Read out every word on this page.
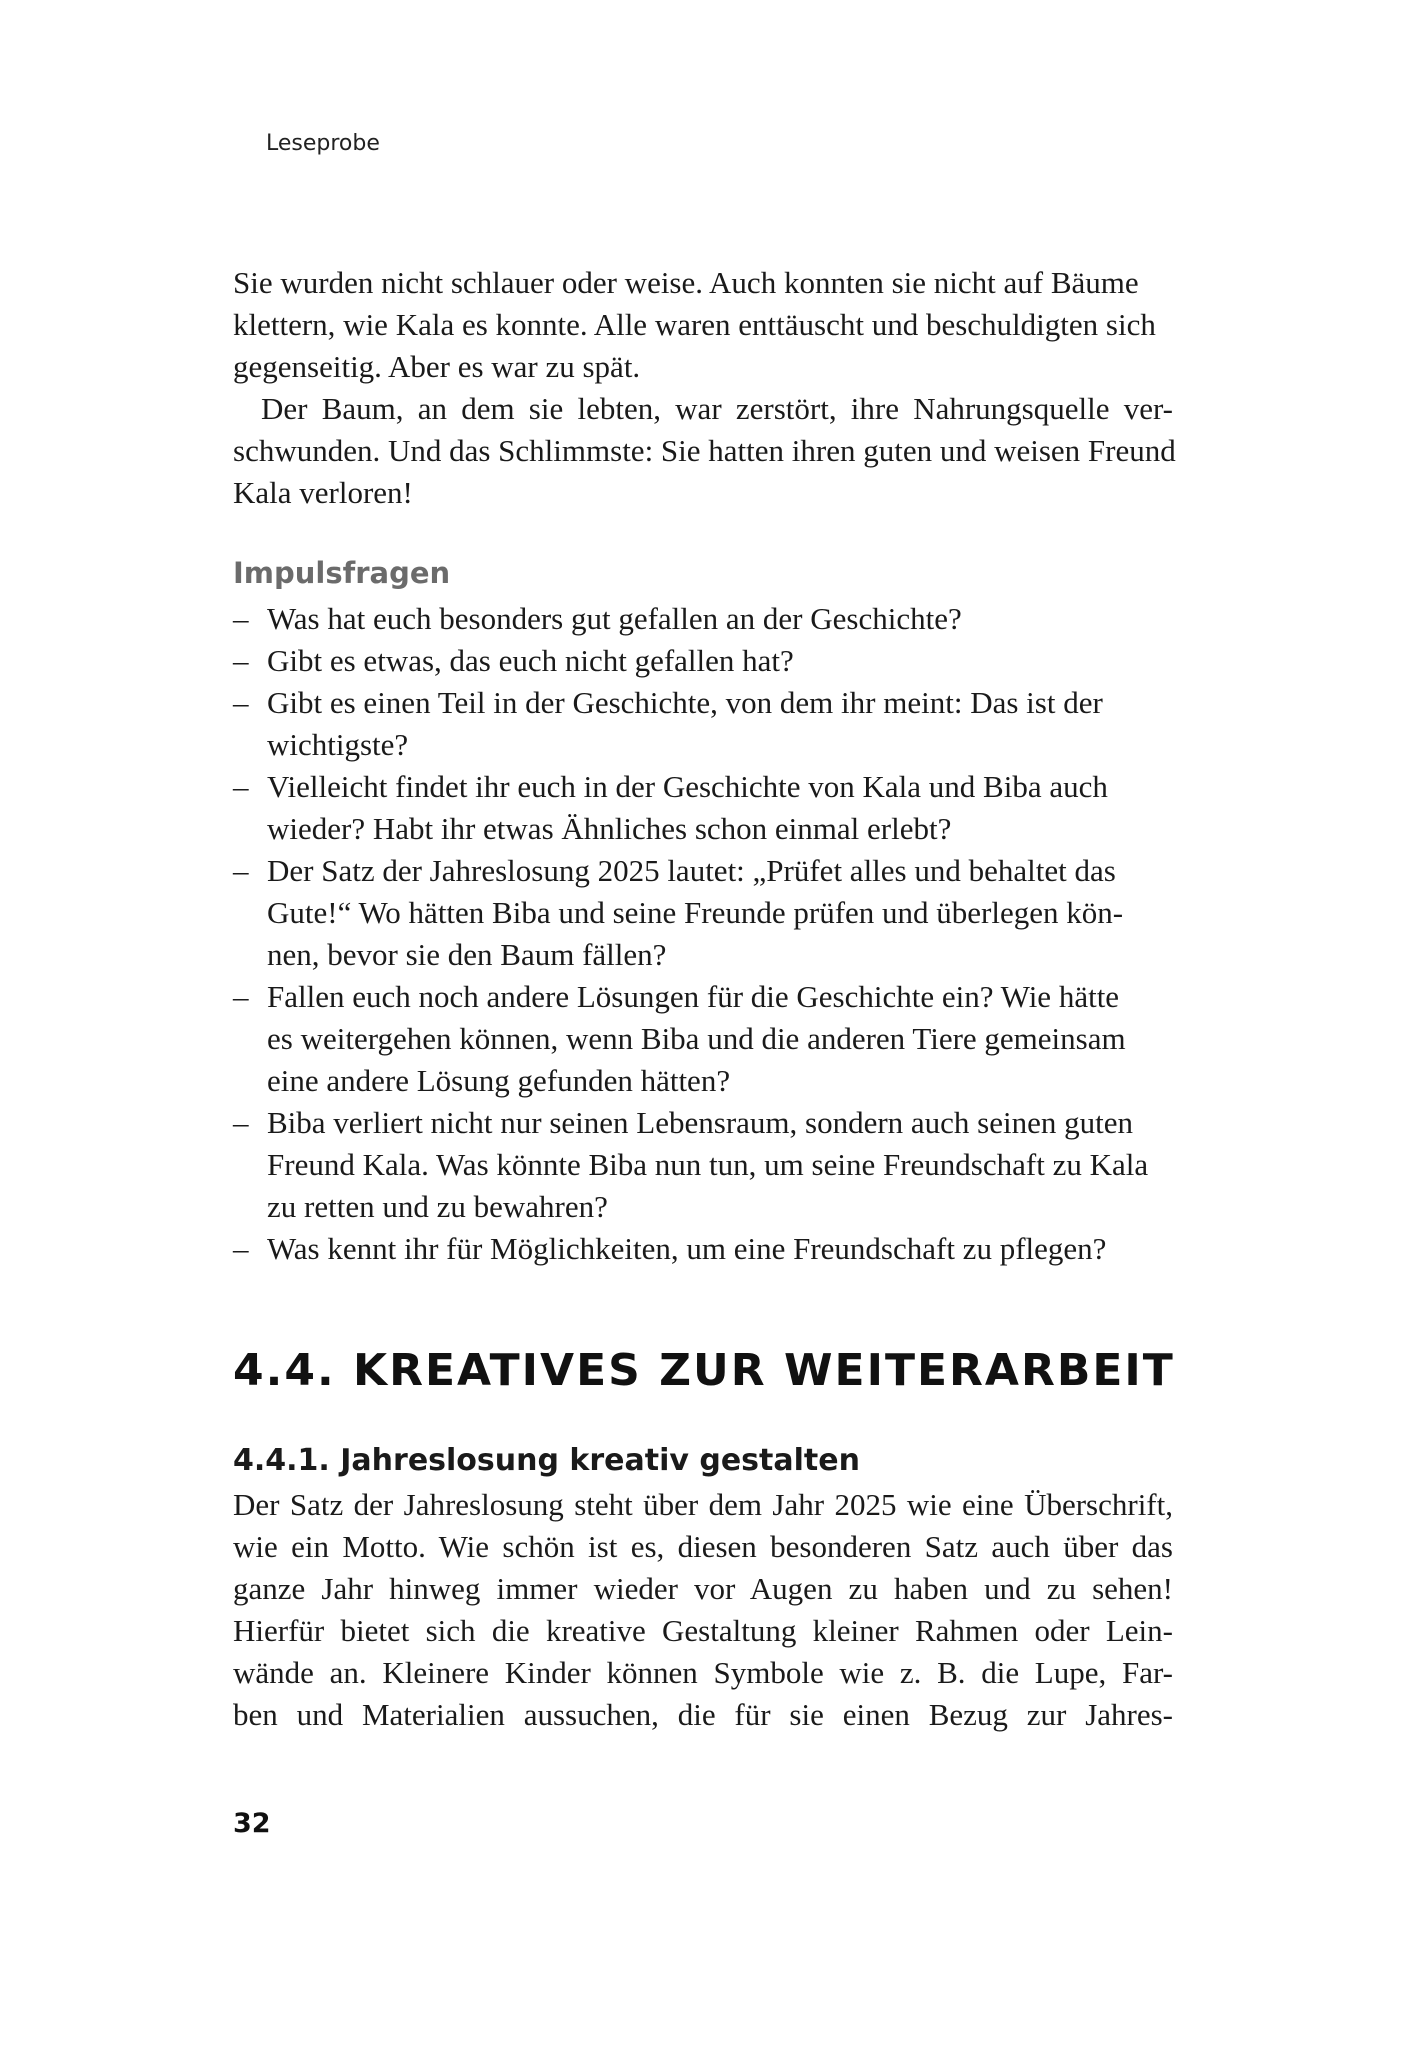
Leseprobe
Sie wurden nicht schlauer oder weise. Auch konnten sie nicht auf Bäume
klettern, wie Kala es konnte. Alle waren enttäuscht und beschuldigten sich
gegenseitig. Aber es war zu spät.
Der Baum, an dem sie lebten, war zerstört, ihre Nahrungsquelle ver-
schwunden. Und das Schlimmste: Sie hatten ihren guten und weisen Freund
Kala verloren!
Impulsfragen
– Was hat euch besonders gut gefallen an der Geschichte?
– Gibt es etwas, das euch nicht gefallen hat?
– Gibt es einen Teil in der Geschichte, von dem ihr meint: Das ist der
wichtigste?
– Vielleicht findet ihr euch in der Geschichte von Kala und Biba auch
wieder? Habt ihr etwas Ähnliches schon einmal erlebt?
– Der Satz der Jahreslosung 2025 lautet: „Prüfet alles und behaltet das
Gute!“ Wo hätten Biba und seine Freunde prüfen und überlegen kön-
nen, bevor sie den Baum fällen?
– Fallen euch noch andere Lösungen für die Geschichte ein? Wie hätte
es weitergehen können, wenn Biba und die anderen Tiere gemeinsam
eine andere Lösung gefunden hätten?
– Biba verliert nicht nur seinen Lebensraum, sondern auch seinen guten
Freund Kala. Was könnte Biba nun tun, um seine Freundschaft zu Kala
zu retten und zu bewahren?
– Was kennt ihr für Möglichkeiten, um eine Freundschaft zu pflegen?
4.4. KREATIVES ZUR WEITERARBEIT
4.4.1. Jahreslosung kreativ gestalten
Der Satz der Jahreslosung steht über dem Jahr 2025 wie eine Überschrift,
wie ein Motto. Wie schön ist es, diesen besonderen Satz auch über das
ganze Jahr hinweg immer wieder vor Augen zu haben und zu sehen!
Hierfür bietet sich die kreative Gestaltung kleiner Rahmen oder Lein-
wände an. Kleinere Kinder können Symbole wie z. B. die Lupe, Far-
ben und Materialien aussuchen, die für sie einen Bezug zur Jahres-
32
